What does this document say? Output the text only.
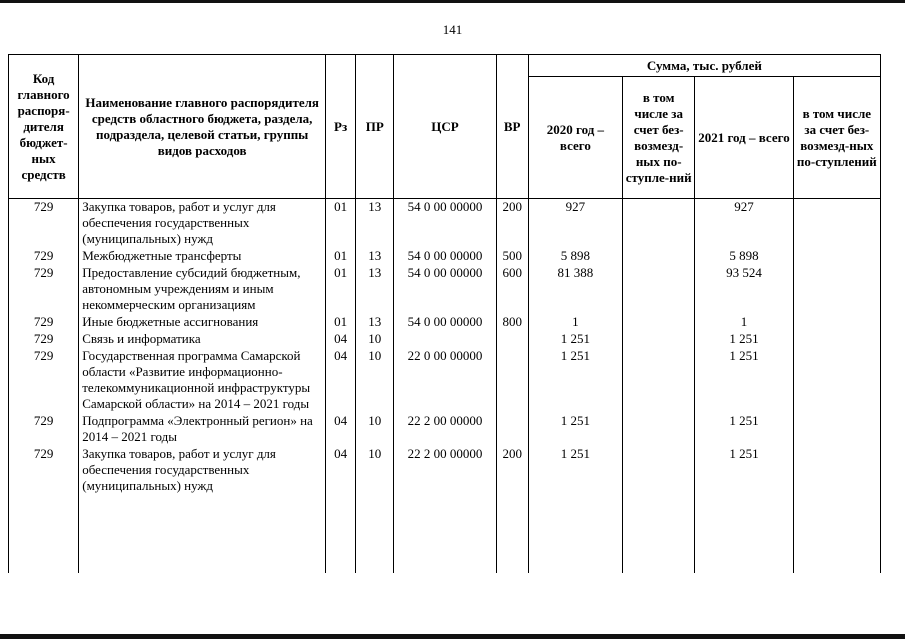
141
Код главного распоря-дителя бюджет-ных средств	Наименование главного распорядителя средств областного бюджета, раздела, подраздела, целевой статьи, группы видов расходов	Рз	ПР	ЦСР	ВР	Сумма, тыс. рублей			
						2020 год – всего	в том числе за счет без-возмезд-ных по-ступле-ний	2021 год – всего	в том числе за счет без-возмезд-ных по-ступлений
729	Закупка товаров, работ и услуг для обеспечения государственных (муниципальных) нужд	01	13	54 0 00 00000	200	927		927	
729	Межбюджетные трансферты	01	13	54 0 00 00000	500	5 898		5 898	
729	Предоставление субсидий бюджетным, автономным учреждениям и иным некоммерческим организациям	01	13	54 0 00 00000	600	81 388		93 524	
729	Иные бюджетные ассигнования	01	13	54 0 00 00000	800	1		1	
729	Связь и информатика	04	10			1 251		1 251	
729	Государственная программа Самарской области «Развитие информационно-телекоммуникационной инфраструктуры Самарской области» на 2014 – 2021 годы	04	10	22 0 00 00000		1 251		1 251	
729	Подпрограмма «Электронный регион» на 2014 – 2021 годы	04	10	22 2 00 00000		1 251		1 251	
729	Закупка товаров, работ и услуг для обеспечения государственных (муниципальных) нужд	04	10	22 2 00 00000	200	1 251		1 251	
